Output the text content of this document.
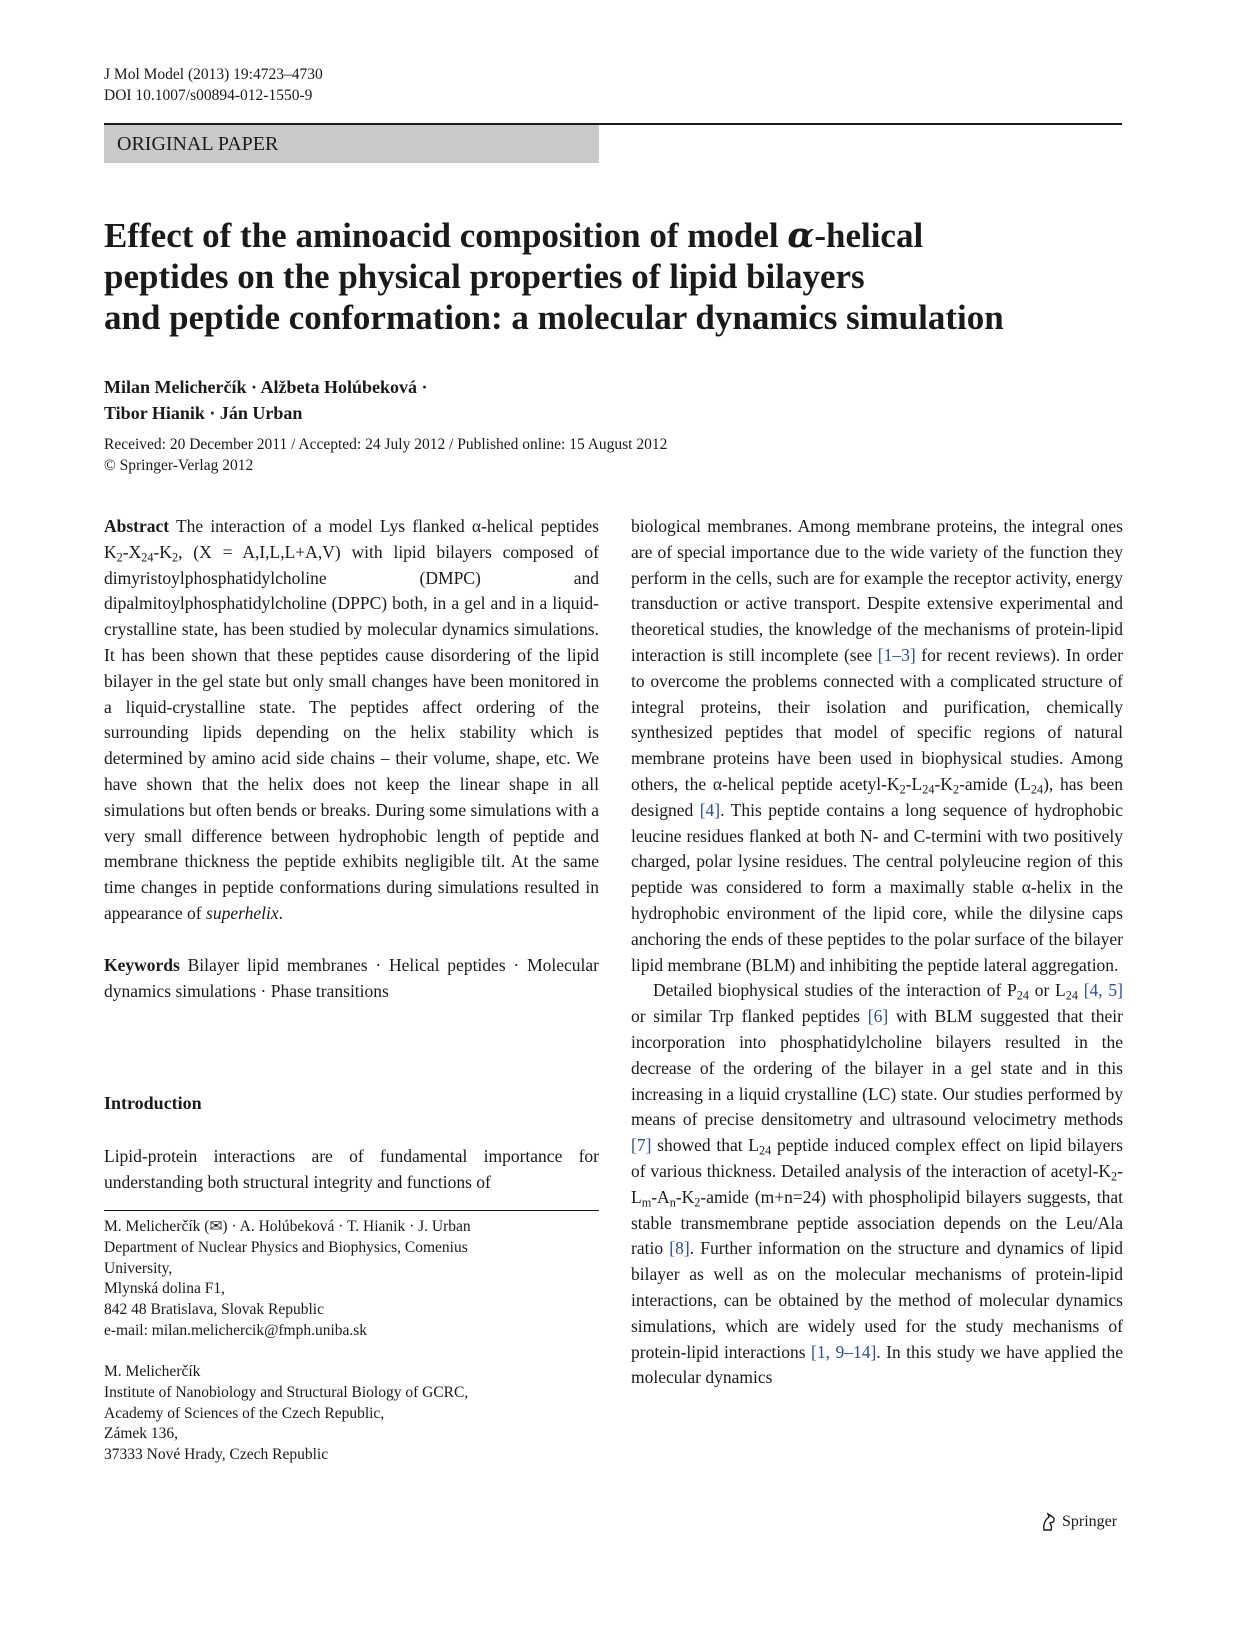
J Mol Model (2013) 19:4723–4730
DOI 10.1007/s00894-012-1550-9
ORIGINAL PAPER
Effect of the aminoacid composition of model α-helical
peptides on the physical properties of lipid bilayers
and peptide conformation: a molecular dynamics simulation
Milan Melicherčík · Alžbeta Holúbeková ·
Tibor Hianik · Ján Urban
Received: 20 December 2011 / Accepted: 24 July 2012 / Published online: 15 August 2012
© Springer-Verlag 2012

Abstract The interaction of a model Lys flanked α-helical peptides $K_2-X_{24}-K_2$, (X = A,I,L,L+A,V) with lipid bilayers composed of dimyristoylphosphatidylcholine (DMPC) and dipalmitoylphosphatidylcholine (DPPC) both, in a gel and in a liquid-crystalline state, has been studied by molecular dynamics simulations. It has been shown that these peptides cause disordering of the lipid bilayer in the gel state but only small changes have been monitored in a liquid-crystalline state. The peptides affect ordering of the surrounding lipids depending on the helix stability which is determined by amino acid side chains – their volume, shape, etc. We have shown that the helix does not keep the linear shape in all simulations but often bends or breaks. During some simulations with a very small difference between hydrophobic length of peptide and membrane thickness the peptide exhibits negligible tilt. At the same time changes in peptide conformations during simulations resulted in appearance of superhelix.

Keywords Bilayer lipid membranes · Helical peptides · Molecular dynamics simulations · Phase transitions

Introduction
Lipid-protein interactions are of fundamental importance for understanding both structural integrity and functions of
M. Melicherčík (✉) · A. Holúbeková · T. Hianik · J. Urban
Department of Nuclear Physics and Biophysics, Comenius
University,
Mlynská dolina F1,
842 48 Bratislava, Slovak Republic
e-mail: milan.melichercik@fmph.uniba.sk
M. Melicherčík
Institute of Nanobiology and Structural Biology of GCRC,
Academy of Sciences of the Czech Republic,
Zámek 136,
37333 Nové Hrady, Czech Republic

biological membranes. Among membrane proteins, the integral ones are of special importance due to the wide variety of the function they perform in the cells, such are for example the receptor activity, energy transduction or active transport. Despite extensive experimental and theoretical studies, the knowledge of the mechanisms of protein-lipid interaction is still incomplete (see [1–3] for recent reviews). In order to overcome the problems connected with a complicated structure of integral proteins, their isolation and purification, chemically synthesized peptides that model of specific regions of natural membrane proteins have been used in biophysical studies. Among others, the α-helical peptide acetyl-$K_2-L_{24}-K_2$-amide $(L_{24})$, has been designed [4]. This peptide contains a long sequence of hydrophobic leucine residues flanked at both N- and C-termini with two positively charged, polar lysine residues. The central polyleucine region of this peptide was considered to form a maximally stable α-helix in the hydrophobic environment of the lipid core, while the dilysine caps anchoring the ends of these peptides to the polar surface of the bilayer lipid membrane (BLM) and inhibiting the peptide lateral aggregation.

Detailed biophysical studies of the interaction of $P_{24}$ or $L_{24}$ [4, 5] or similar Trp flanked peptides [6] with BLM suggested that their incorporation into phosphatidylcholine bilayers resulted in the decrease of the ordering of the bilayer in a gel state and in this increasing in a liquid crystalline (LC) state. Our studies performed by means of precise densitometry and ultrasound velocimetry methods [7] showed that $L_{24}$ peptide induced complex effect on lipid bilayers of various thickness. Detailed analysis of the interaction of acetyl-$K_2-L_m-A_n-K_2$-amide (m+n=24) with phospholipid bilayers suggests, that stable transmembrane peptide association depends on the Leu/Ala ratio [8]. Further information on the structure and dynamics of lipid bilayer as well as on the molecular mechanisms of protein-lipid interactions, can be obtained by the method of molecular dynamics simulations, which are widely used for the study mechanisms of protein-lipid interactions [1, 9–14]. In this study we have applied the molecular dynamics

Springer
